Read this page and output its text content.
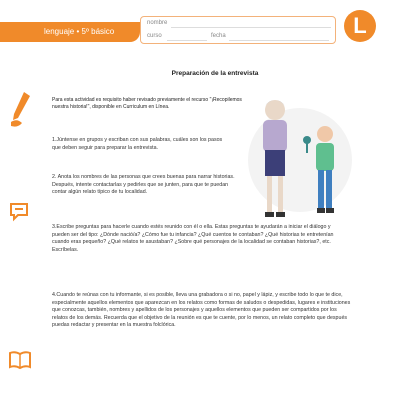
lenguaje • 5º básico
nombre
curso	fecha	L
Preparación de la entrevista

Para esta actividad es requisito haber revisado previamente el recurso "¡Recopilemos nuestra historia!", disponible en Curriculum en Línea.

1.Júntense en grupos y escriban con sus palabras, cuáles son los pasos que deben seguir para preparar la entrevista.

2. Anota los nombres de las personas que crees buenas para narrar historias. Después, intente contactarlas y pedirles que se junten, para que te puedan contar algún relato típico de tu localidad.

3.Escribe preguntas para hacerle cuando estés reunido con él o ella. Estas preguntas te ayudarán a iniciar el diálogo y pueden ser del tipo: ¿Dónde nació/a? ¿Cómo fue tu infancia? ¿Qué cuentos te contaban? ¿Qué historias te entretenían cuando eras pequeño? ¿Qué relatos te asustaban? ¿Sobre qué personajes de la localidad se contaban historias?, etc. Escríbelas.

4.Cuando te reúnas con tu informante, si es posible, lleva una grabadora o si no, papel y lápiz, y escribe todo lo que te dice, especialmente aquellos elementos que aparezcan en los relatos como formas de saludos o despedidas, lugares e instituciones que conozcas, también, nombres y apellidos de los personajes y aquellos elementos que pueden ser compartidos por los relatos de los demás. Recuerda que el objetivo de la reunión es que te cuente, por lo menos, un relato completo que después puedas redactar y presentar en la muestra folclórica.
